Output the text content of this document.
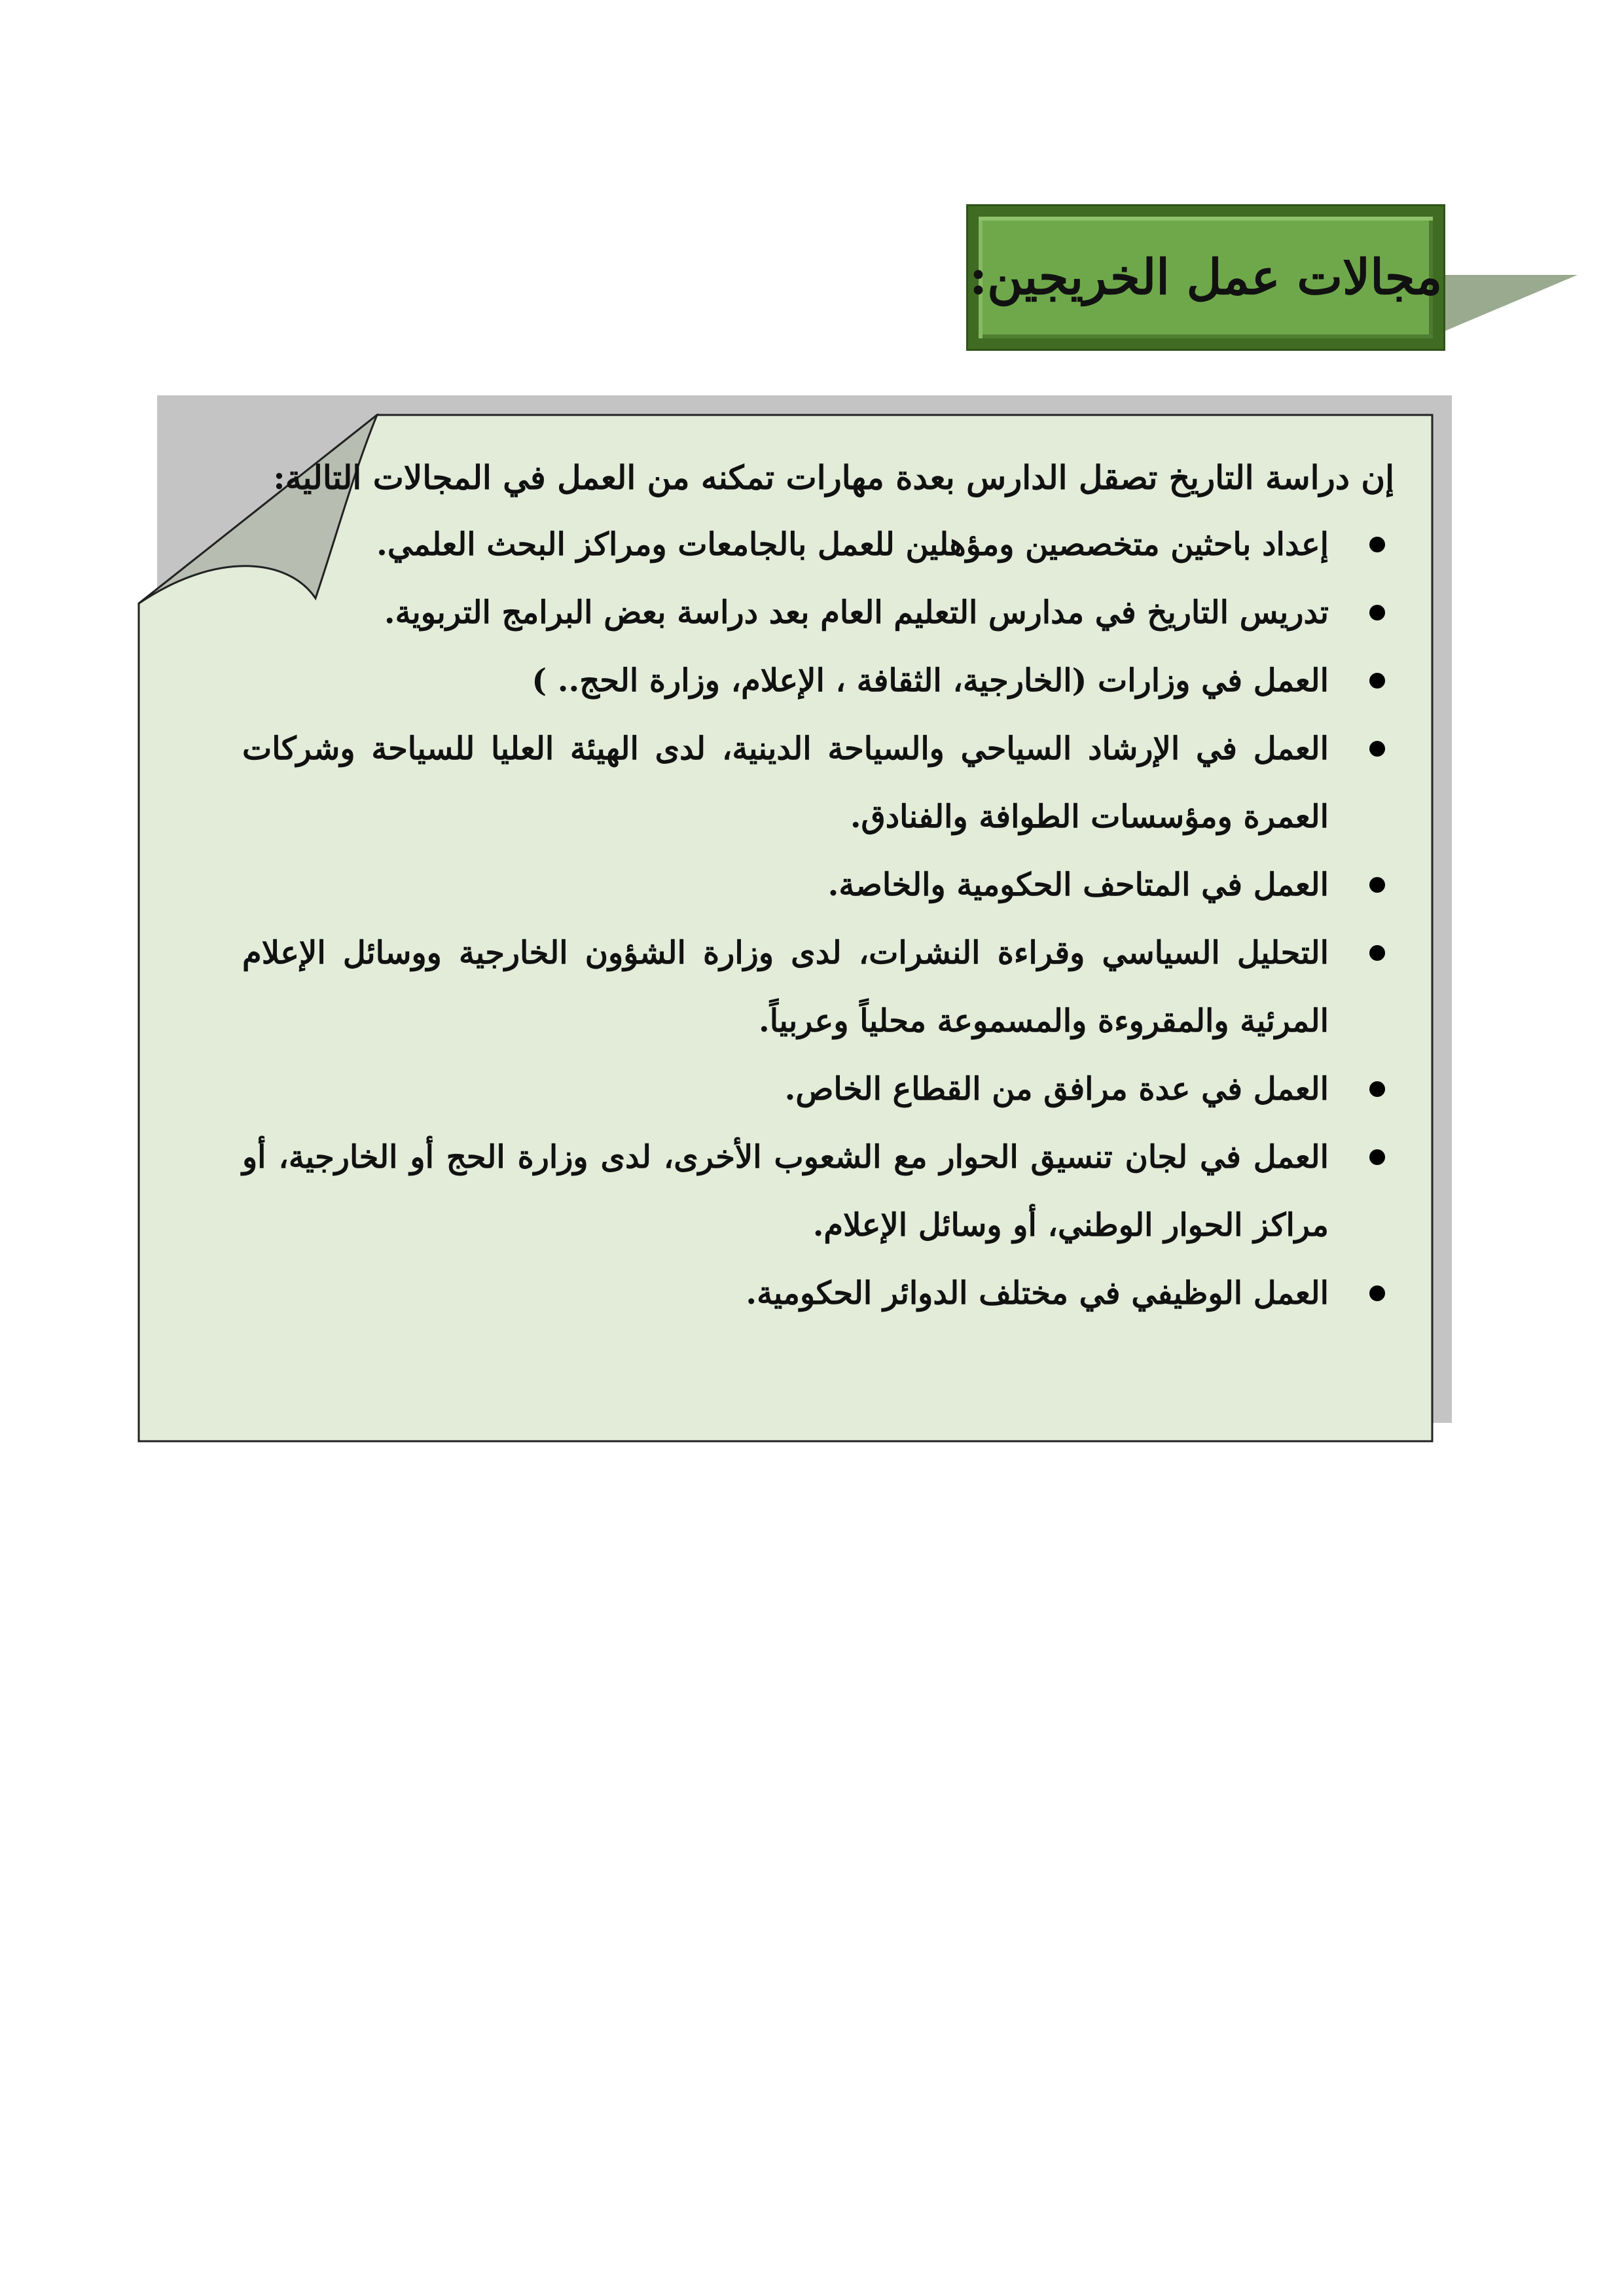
مجالات عمل الخريجين:

إن دراسة التاريخ تصقل الدارس بعدة مهارات تمكنه من العمل في المجالات التالية:

إعداد باحثين متخصصين ومؤهلين للعمل بالجامعات ومراكز البحث العلمي.
تدريس التاريخ في مدارس التعليم العام بعد دراسة بعض البرامج التربوية.
العمل في وزارات (الخارجية، الثقافة ، الإعلام، وزارة الحج.. )
العمل في الإرشاد السياحي والسياحة الدينية، لدى الهيئة العليا للسياحة وشركات العمرة ومؤسسات الطوافة والفنادق.
العمل في المتاحف الحكومية والخاصة.
التحليل السياسي وقراءة النشرات، لدى وزارة الشؤون الخارجية ووسائل الإعلام المرئية والمقروءة والمسموعة محلياً وعربياً.
العمل في عدة مرافق من القطاع الخاص.
العمل في لجان تنسيق الحوار مع الشعوب الأخرى، لدى وزارة الحج أو الخارجية، أو مراكز الحوار الوطني، أو وسائل الإعلام.
العمل الوظيفي في مختلف الدوائر الحكومية.
